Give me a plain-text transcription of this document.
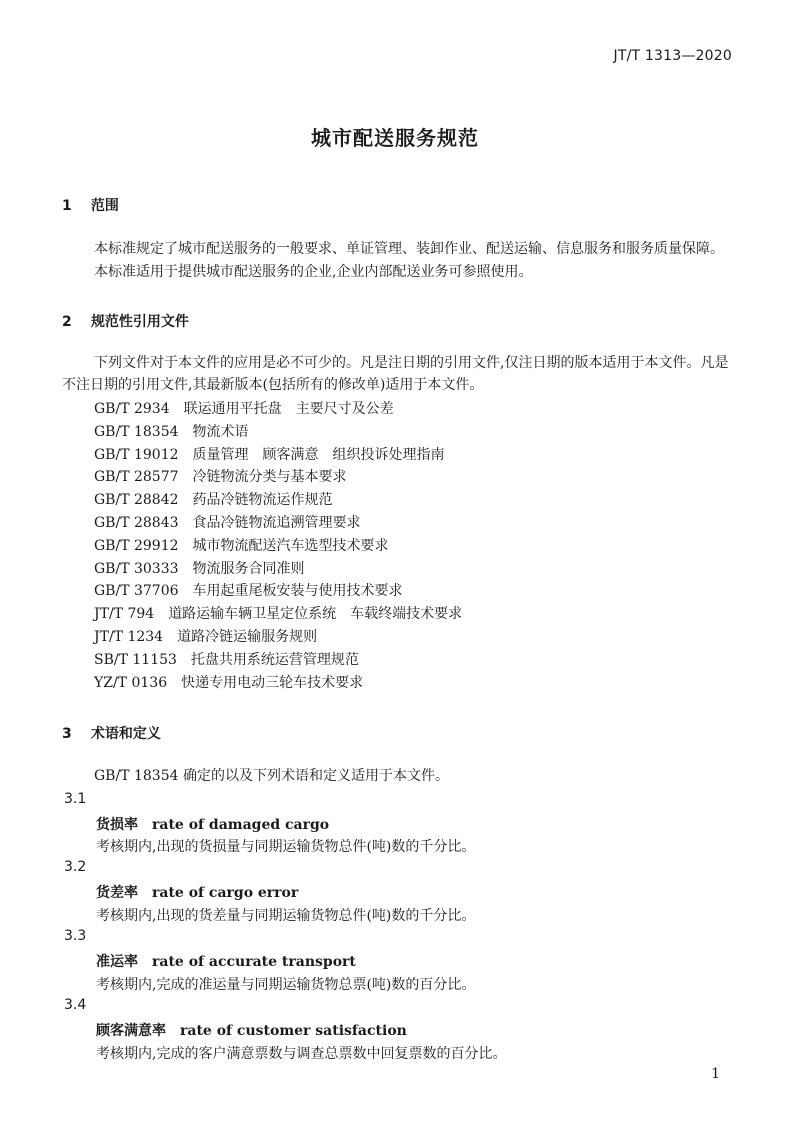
JT/T 1313—2020
城市配送服务规范
1 范围
本标准规定了城市配送服务的一般要求、单证管理、装卸作业、配送运输、信息服务和服务质量保障。
本标准适用于提供城市配送服务的企业,企业内部配送业务可参照使用。
2 规范性引用文件
下列文件对于本文件的应用是必不可少的。凡是注日期的引用文件,仅注日期的版本适用于本文件。凡是不注日期的引用文件,其最新版本(包括所有的修改单)适用于本文件。
GB/T 2934 联运通用平托盘　主要尺寸及公差
GB/T 18354 物流术语
GB/T 19012 质量管理　顾客满意　组织投诉处理指南
GB/T 28577 冷链物流分类与基本要求
GB/T 28842 药品冷链物流运作规范
GB/T 28843 食品冷链物流追溯管理要求
GB/T 29912 城市物流配送汽车选型技术要求
GB/T 30333 物流服务合同准则
GB/T 37706 车用起重尾板安装与使用技术要求
JT/T 794 道路运输车辆卫星定位系统　车载终端技术要求
JT/T 1234 道路冷链运输服务规则
SB/T 11153 托盘共用系统运营管理规范
YZ/T 0136 快递专用电动三轮车技术要求
3 术语和定义
GB/T 18354 确定的以及下列术语和定义适用于本文件。
3.1
货损率 rate of damaged cargo
考核期内,出现的货损量与同期运输货物总件(吨)数的千分比。
3.2
货差率 rate of cargo error
考核期内,出现的货差量与同期运输货物总件(吨)数的千分比。
3.3
准运率 rate of accurate transport
考核期内,完成的准运量与同期运输货物总票(吨)数的百分比。
3.4
顾客满意率 rate of customer satisfaction
考核期内,完成的客户满意票数与调查总票数中回复票数的百分比。
1
